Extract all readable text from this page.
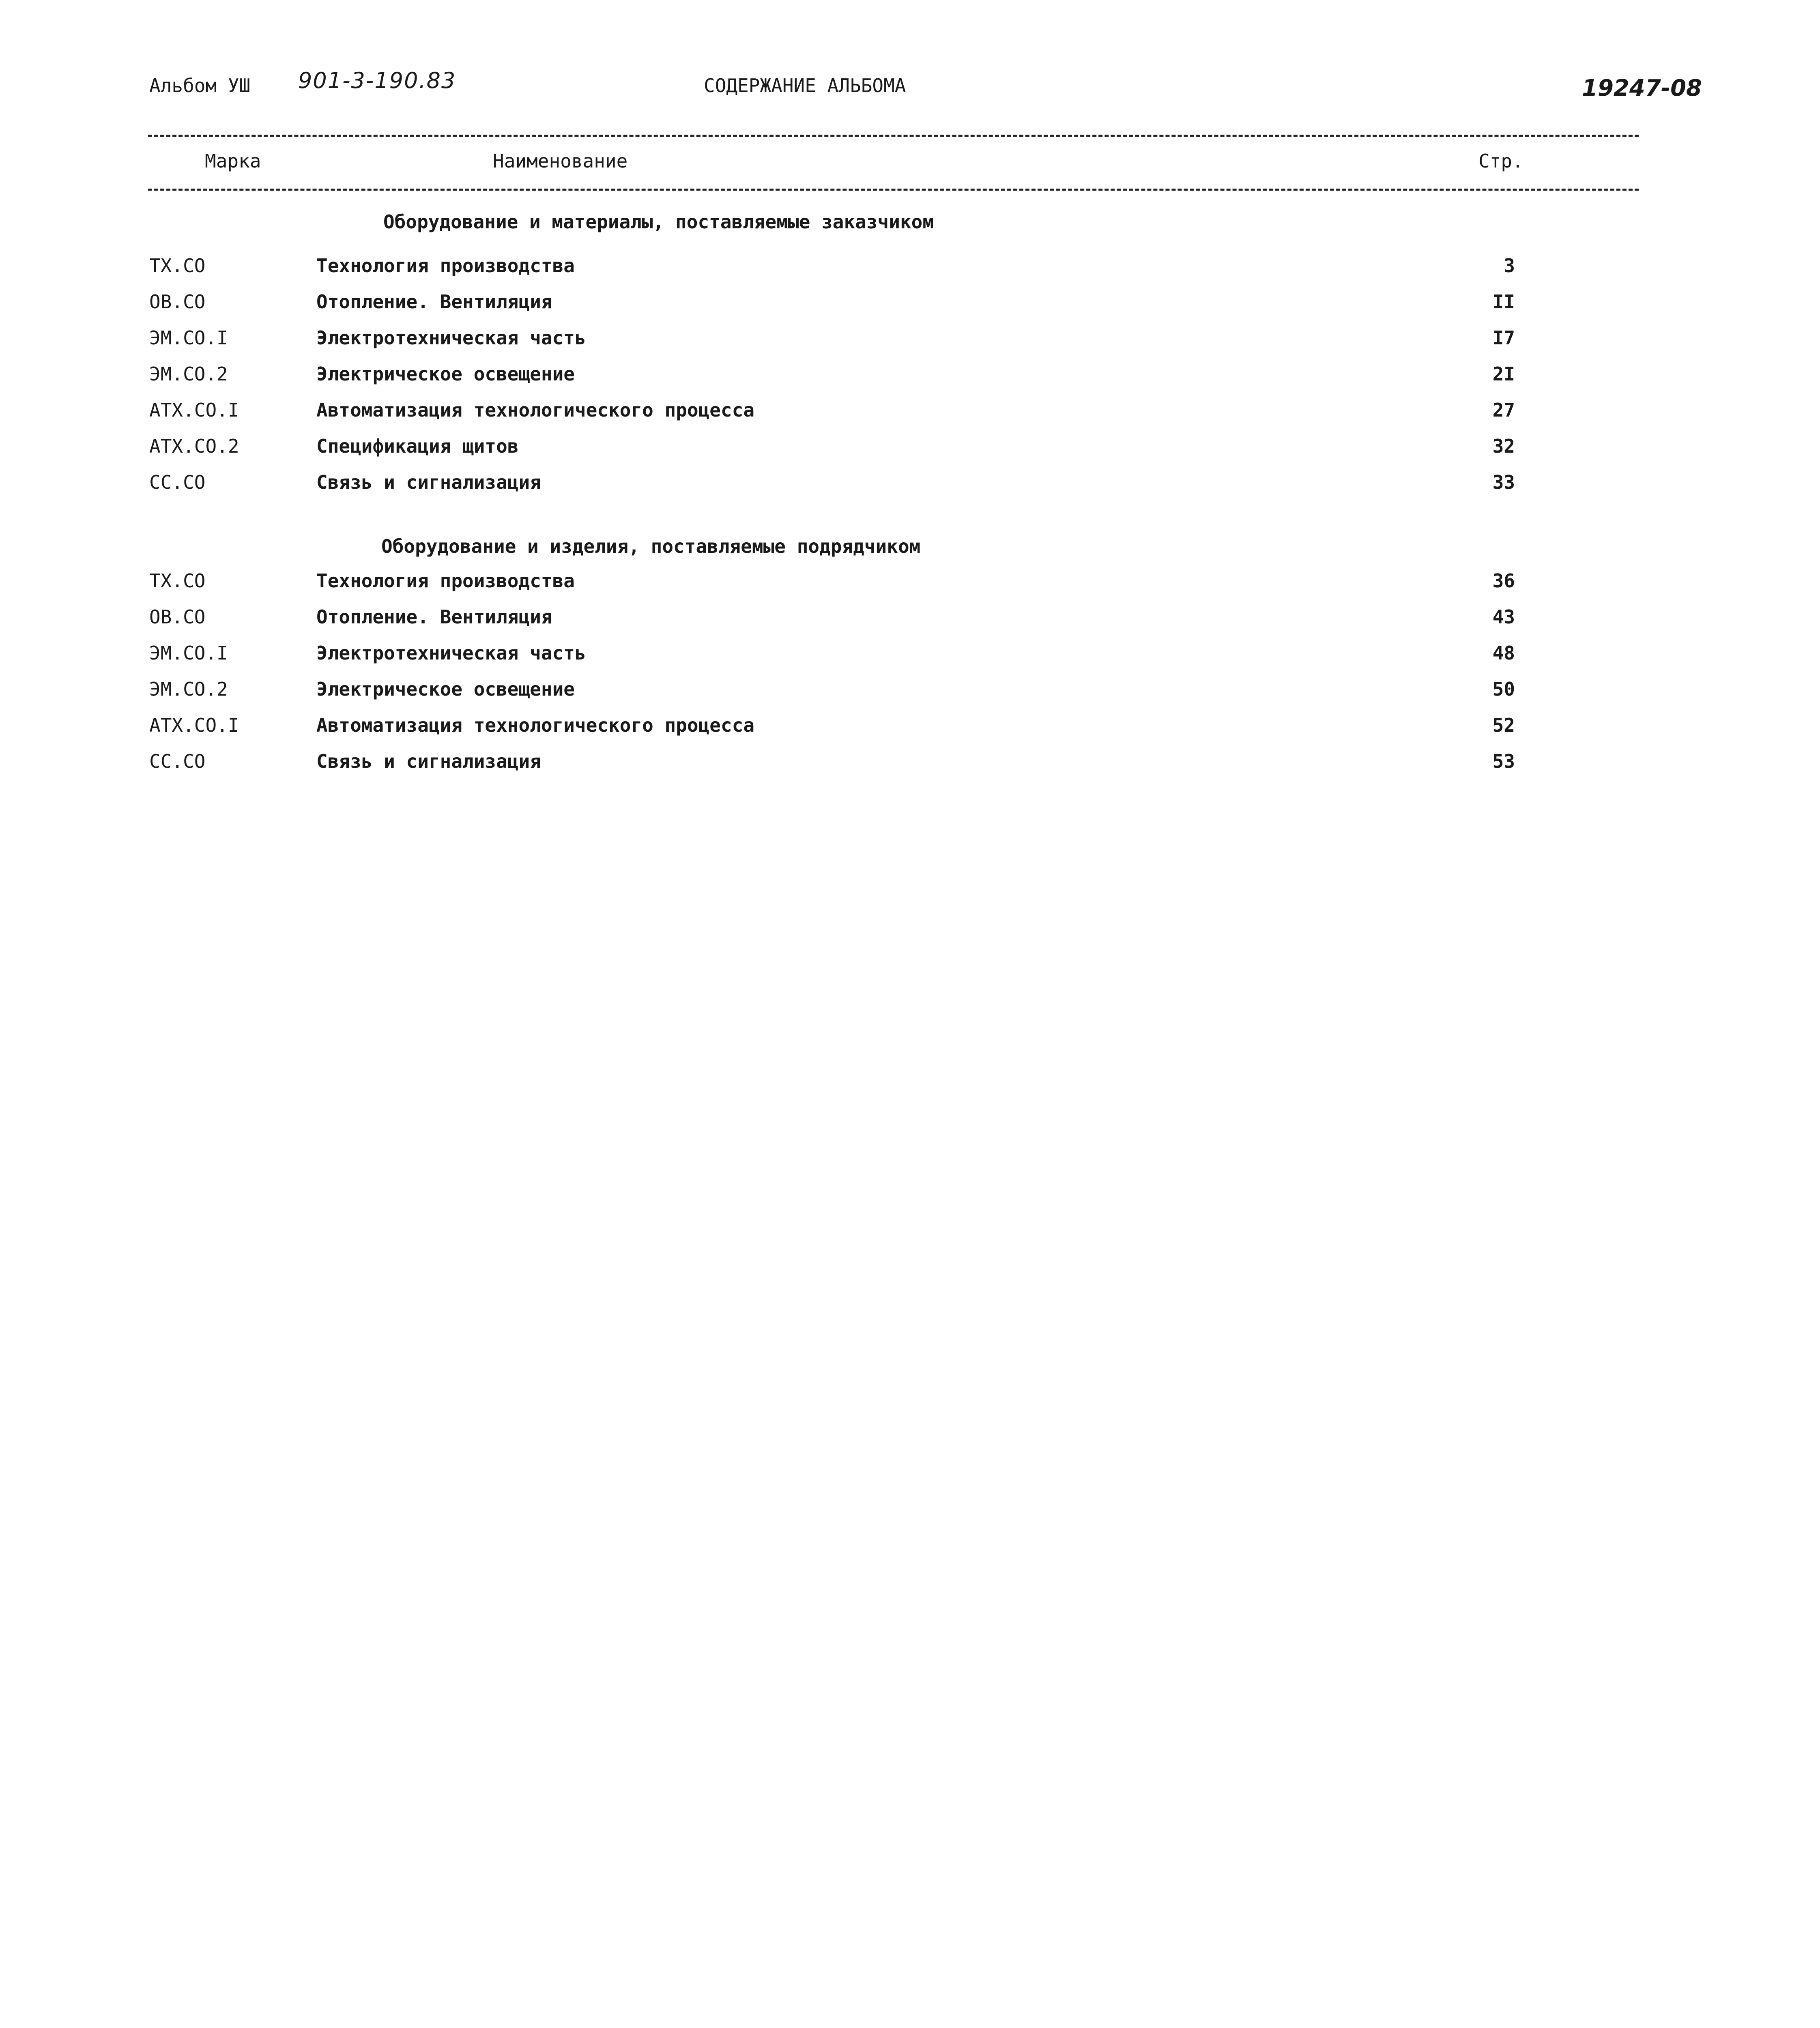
Альбом УШ 901-3-190.83	СОДЕРЖАНИЕ АЛЬБОМА	19247-08
Марка	Наименование	Стр.
Оборудование и материалы, поставляемые заказчиком
ТХ.СО	Технология производства	3
ОВ.СО	Отопление. Вентиляция	II
ЭМ.СО.I	Электротехническая часть	I7
ЭМ.СО.2	Электрическое освещение	2I
АТХ.СО.I	Автоматизация технологического процесса	27
АТХ.СО.2	Спецификация щитов	32
СС.СО	Связь и сигнализация	33
Оборудование и изделия, поставляемые подрядчиком
ТХ.СО	Технология производства	36
ОВ.СО	Отопление. Вентиляция	43
ЭМ.СО.I	Электротехническая часть	48
ЭМ.СО.2	Электрическое освещение	50
АТХ.СО.I	Автоматизация технологического процесса	52
СС.СО	Связь и сигнализация	53
